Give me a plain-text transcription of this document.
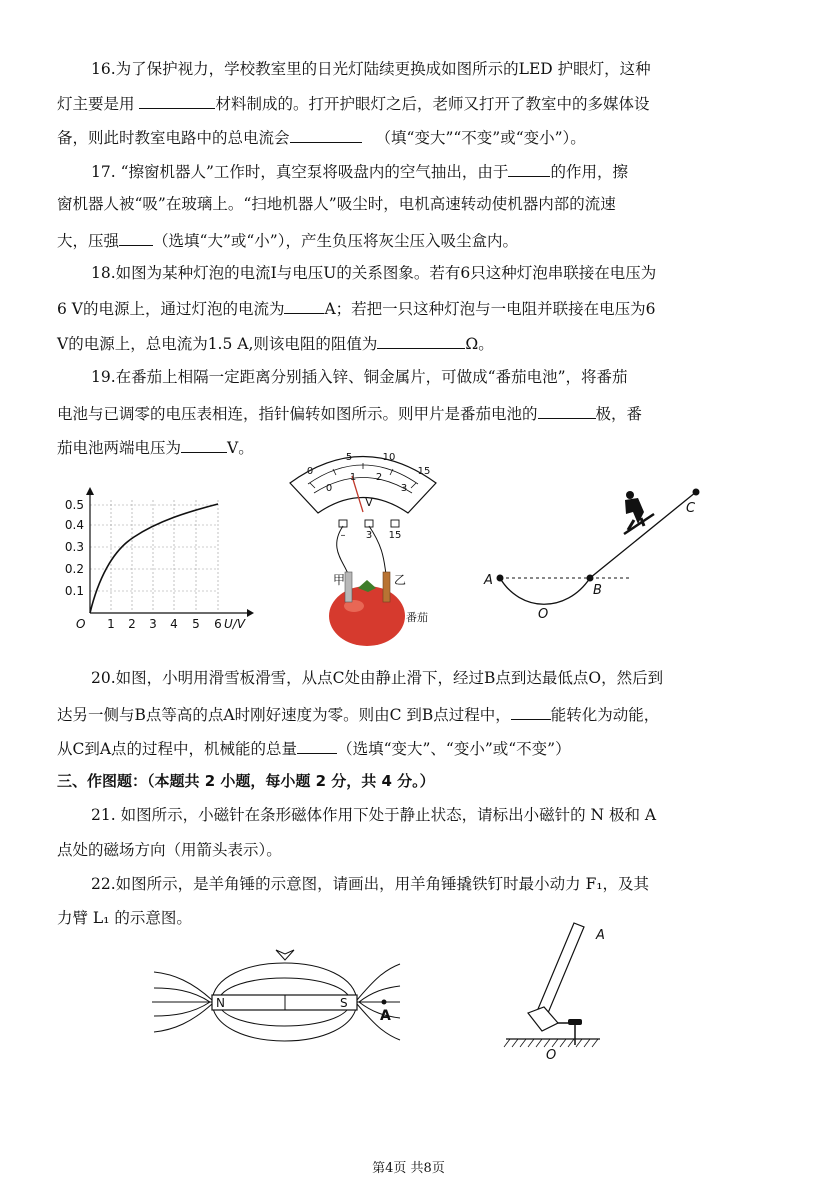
16.为了保护视力，学校教室里的日光灯陆续更换成如图所示的LED 护眼灯，这种
灯主要是用	材料制成的。打开护眼灯之后，老师又打开了教室中的多媒体设
备，则此时教室电路中的总电流会	（填“变大”“不变”或“变小”）。
17. “擦窗机器人”工作时，真空泵将吸盘内的空气抽出，由于	的作用，擦
窗机器人被“吸”在玻璃上。“扫地机器人”吸尘时，电机高速转动使机器内部的流速
大，压强 （选填“大”或“小”），产生负压将灰尘压入吸尘盒内。
18.如图为某种灯泡的电流I与电压U的关系图象。若有6只这种灯泡串联接在电压为
6 V的电源上，通过灯泡的电流为	A；若把一只这种灯泡与一电阻并联接在电压为6
V的电源上，总电流为1.5 A,则该电阻的阻值为	Ω。
19.在番茄上相隔一定距离分别插入锌、铜金属片，可做成“番茄电池”，将番茄
电池与已调零的电压表相连，指针偏转如图所示。则甲片是番茄电池的	极，番
茄电池两端电压为	V。
0.5
0.4
0.3
0.2
0.1
1 2 3 4 5 6
O	U/V
0
5	10
15
0
1 2
3
V
– 3 15
甲	乙
番茄
A
B
C
O
20.如图，小明用滑雪板滑雪，从点C处由静止滑下，经过B点到达最低点O，然后到
达另一侧与B点等高的点A时刚好速度为零。则由C 到B点过程中，	能转化为动能，
从C到A点的过程中，机械能的总量	（选填“变大”、“变小”或“不变”）
三、作图题：（本题共 2 小题，每小题 2 分，共 4 分。）
21. 如图所示，小磁针在条形磁体作用下处于静止状态，请标出小磁针的 N 极和 A
点处的磁场方向（用箭头表示）。
22.如图所示，是羊角锤的示意图，请画出，用羊角锤撬铁钉时最小动力 F₁，及其
力臂 L₁ 的示意图。
N	S
A
A
O
第4页 共8页
